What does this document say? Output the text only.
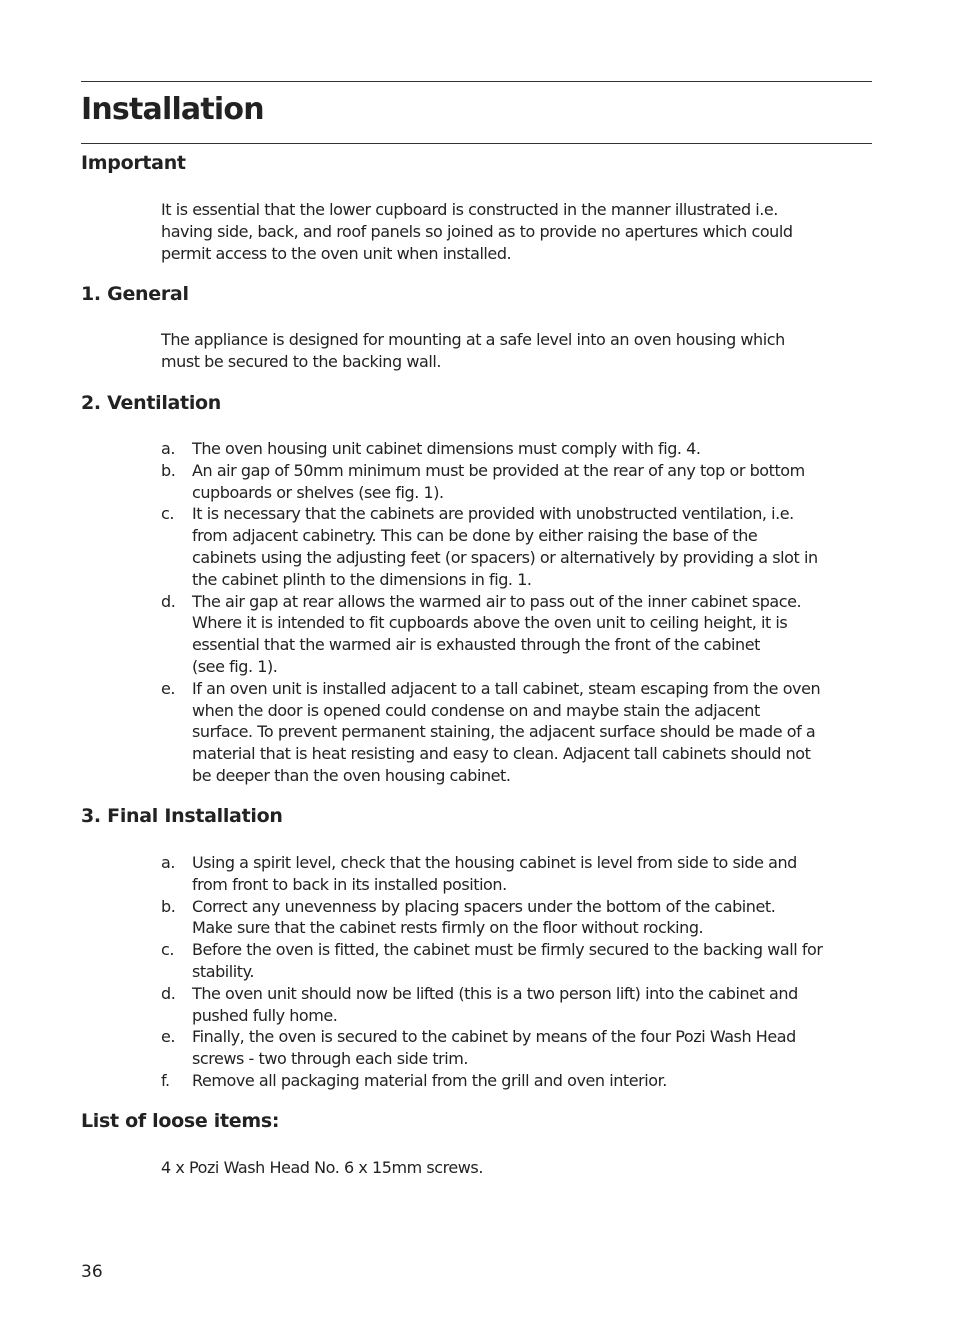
Installation
Important

It is essential that the lower cupboard is constructed in the manner illustrated i.e.
having side, back, and roof panels so joined as to provide no apertures which could
permit access to the oven unit when installed.

1. General

The appliance is designed for mounting at a safe level into an oven housing which
must be secured to the backing wall.

2. Ventilation
a.	The oven housing unit cabinet dimensions must comply with fig. 4.
b.	An air gap of 50mm minimum must be provided at the rear of any top or bottom
cupboards or shelves (see fig. 1).
c.	It is necessary that the cabinets are provided with unobstructed ventilation, i.e.
from adjacent cabinetry. This can be done by either raising the base of the
cabinets using the adjusting feet (or spacers) or alternatively by providing a slot in
the cabinet plinth to the dimensions in fig. 1.
d.	The air gap at rear allows the warmed air to pass out of the inner cabinet space.
Where it is intended to fit cupboards above the oven unit to ceiling height, it is
essential that the warmed air is exhausted through the front of the cabinet
(see fig. 1).
e.	If an oven unit is installed adjacent to a tall cabinet, steam escaping from the oven
when the door is opened could condense on and maybe stain the adjacent
surface. To prevent permanent staining, the adjacent surface should be made of a
material that is heat resisting and easy to clean. Adjacent tall cabinets should not
be deeper than the oven housing cabinet.
3. Final Installation
a.	Using a spirit level, check that the housing cabinet is level from side to side and
from front to back in its installed position.
b.	Correct any unevenness by placing spacers under the bottom of the cabinet.
Make sure that the cabinet rests firmly on the floor without rocking.
c.	Before the oven is fitted, the cabinet must be firmly secured to the backing wall for
stability.
d.	The oven unit should now be lifted (this is a two person lift) into the cabinet and
pushed fully home.
e.	Finally, the oven is secured to the cabinet by means of the four Pozi Wash Head
screws - two through each side trim.
f.	Remove all packaging material from the grill and oven interior.
List of loose items:

4 x Pozi Wash Head No. 6 x 15mm screws.

36
